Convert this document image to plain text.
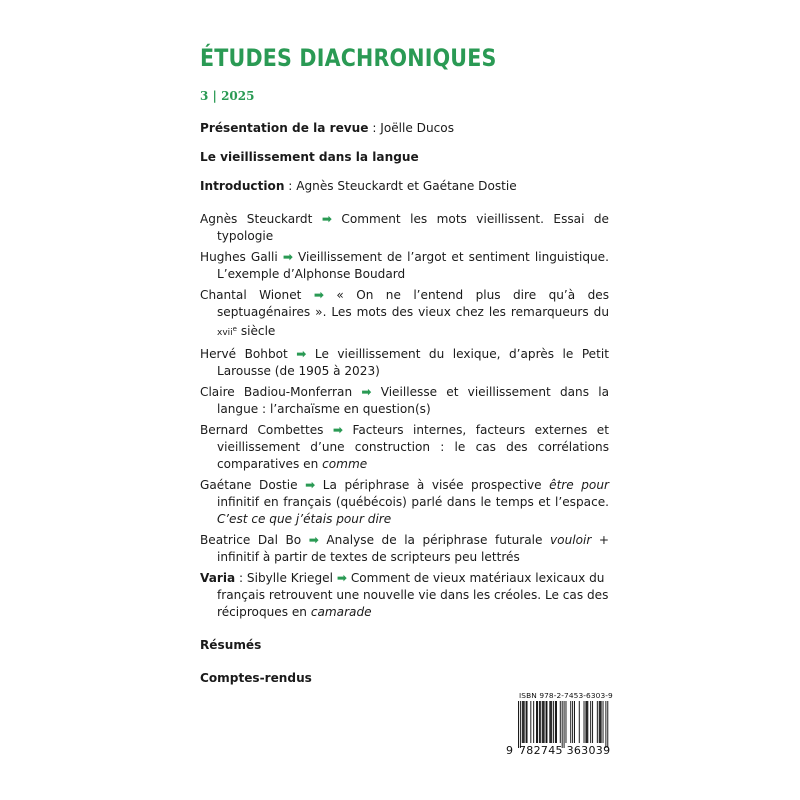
ÉTUDES DIACHRONIQUES
3 | 2025

Présentation de la revue : Joëlle Ducos

Le vieillissement dans la langue

Introduction : Agnès Steuckardt et Gaétane Dostie

Agnès Steuckardt ➡ Comment les mots vieillissent. Essai de typologie

Hughes Galli ➡ Vieillissement de l’argot et sentiment linguistique. L’exemple d’Alphonse Boudard

Chantal Wionet ➡ « On ne l’entend plus dire qu’à des septuagénaires ». Les mots des vieux chez les remarqueurs du xvii$^e$ siècle

Hervé Bohbot ➡ Le vieillissement du lexique, d’après le Petit Larousse (de 1905 à 2023)

Claire Badiou-Monferran ➡ Vieillesse et vieillissement dans la langue : l’archaïsme en question(s)

Bernard Combettes ➡ Facteurs internes, facteurs externes et vieillissement d’une construction : le cas des corrélations comparatives en comme

Gaétane Dostie ➡ La périphrase à visée prospective être pour infinitif en français (québécois) parlé dans le temps et l’espace. C’est ce que j’étais pour dire

Beatrice Dal Bo ➡ Analyse de la périphrase futurale vouloir + infinitif à partir de textes de scripteurs peu lettrés

Varia : Sibylle Kriegel ➡ Comment de vieux matériaux lexicaux du français retrouvent une nouvelle vie dans les créoles. Le cas des réciproques en camarade

Résumés

Comptes-rendus

ISBN 978-2-7453-6303-9
9 782745 363039
